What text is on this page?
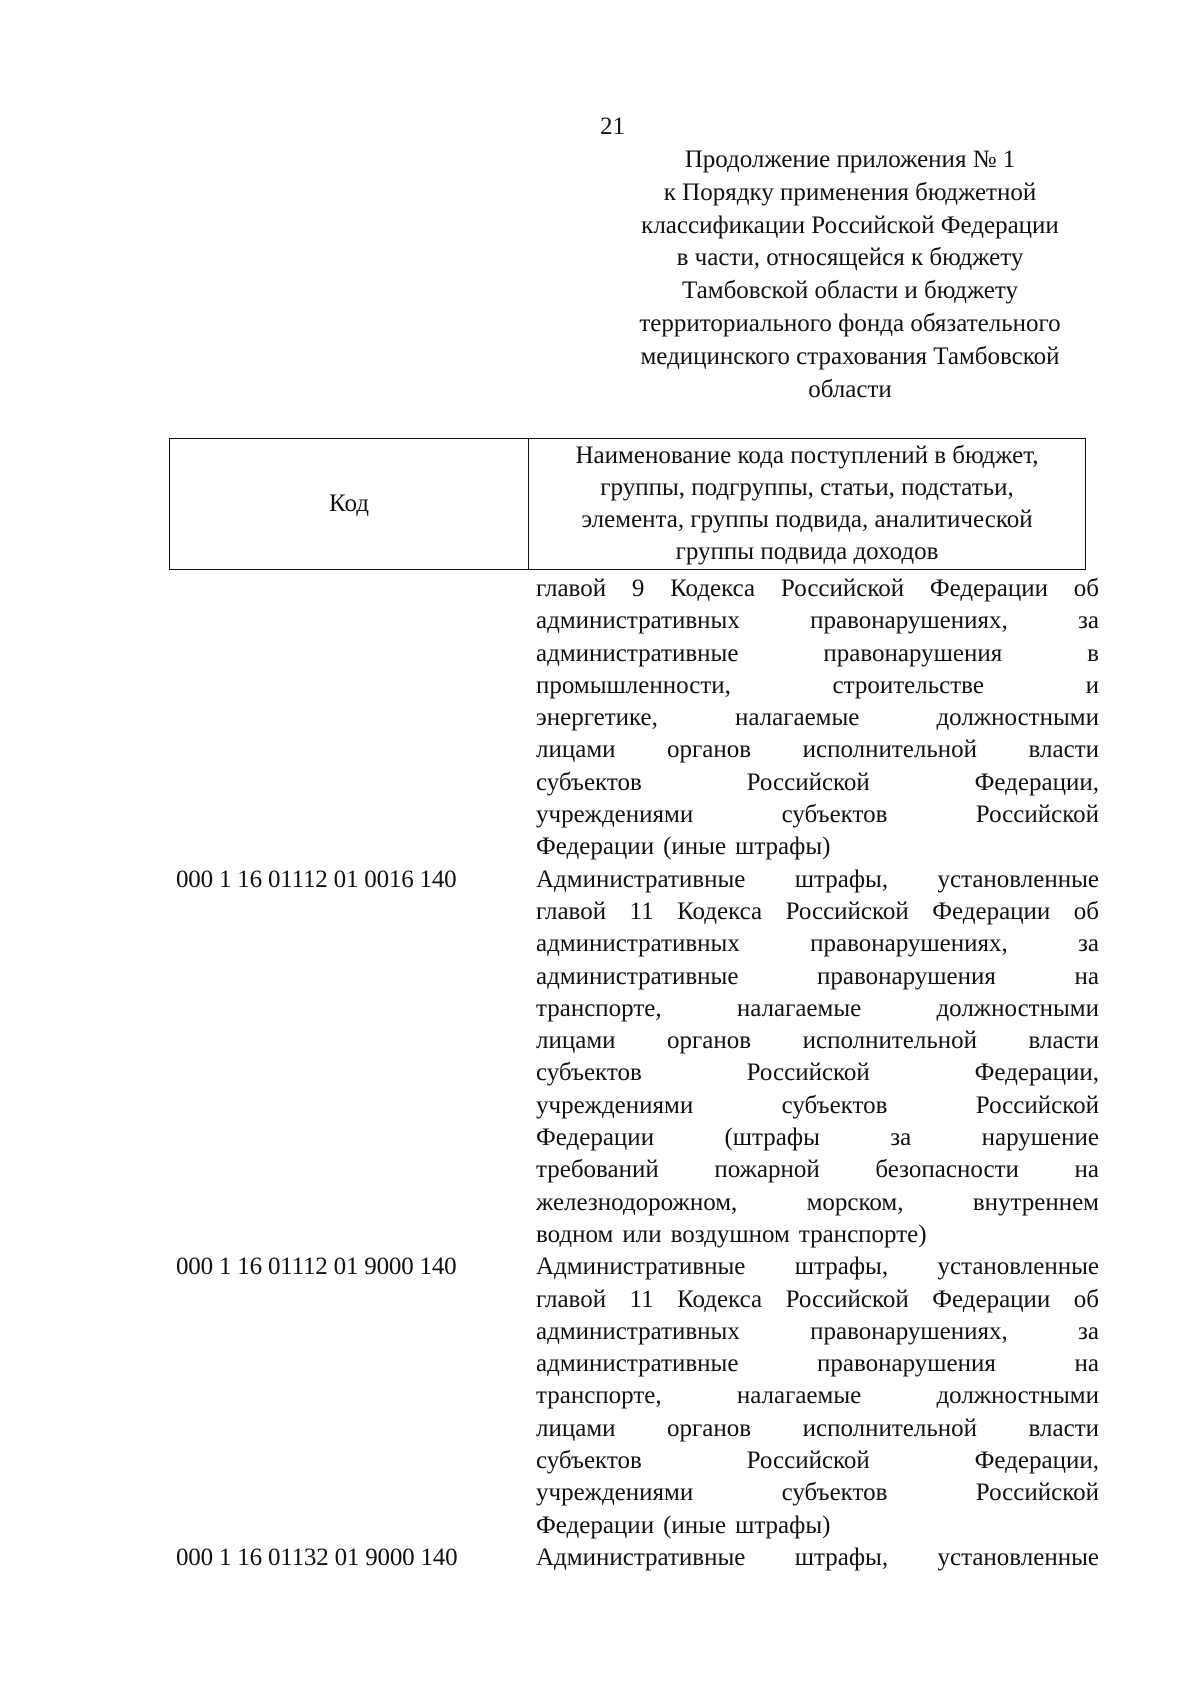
21
Продолжение приложения № 1
к Порядку применения бюджетной
классификации Российской Федерации
в части, относящейся к бюджету
Тамбовской области и бюджету
территориального фонда обязательного
медицинского страхования Тамбовской
области
Код	
Наименование кода поступлений в бюджет,
группы, подгруппы, статьи, подстатьи,
элемента, группы подвида, аналитической
группы подвида доходов
главой 9 Кодекса Российской Федерации об
административных	правонарушениях,	за
административные	правонарушения	в
промышленности,	строительстве	и
энергетике,	налагаемые	должностными
лицами органов исполнительной власти
субъектов	Российской	Федерации,
учреждениями	субъектов	Российской
Федерации (иные штрафы)
000 1 16 01112 01 0016 140	Административные штрафы, установленные
главой 11 Кодекса Российской Федерации об
административных	правонарушениях,	за
административные	правонарушения	на
транспорте,	налагаемые	должностными
лицами органов исполнительной власти
субъектов	Российской	Федерации,
учреждениями	субъектов	Российской
Федерации	(штрафы	за	нарушение
требований пожарной безопасности на
железнодорожном,	морском,	внутреннем
водном или воздушном транспорте)
000 1 16 01112 01 9000 140	Административные штрафы, установленные
главой 11 Кодекса Российской Федерации об
административных	правонарушениях,	за
административные	правонарушения	на
транспорте,	налагаемые	должностными
лицами органов исполнительной власти
субъектов	Российской	Федерации,
учреждениями	субъектов	Российской
Федерации (иные штрафы)
000 1 16 01132 01 9000 140	Административные штрафы, установленные
